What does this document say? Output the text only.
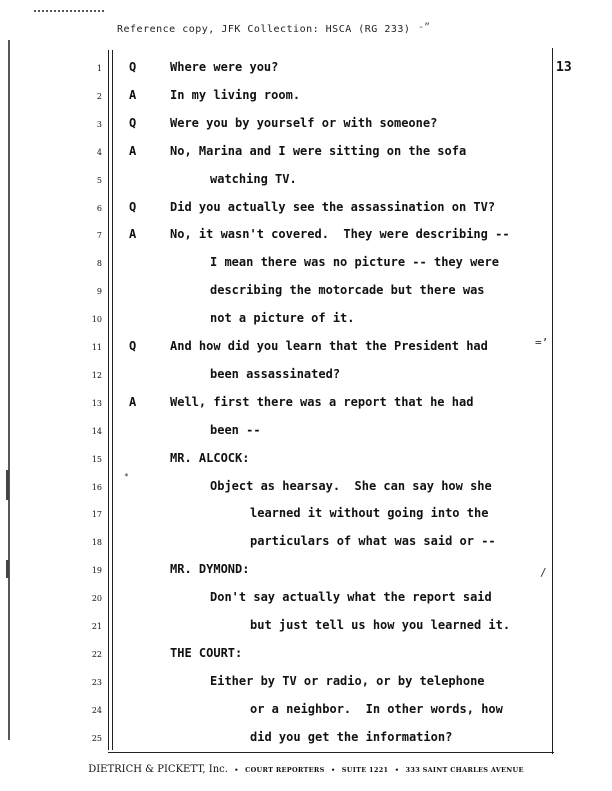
Reference copy, JFK Collection: HSCA (RG 233) -”
13
1 Q	Where were you?
2 A	In my living room.
3 Q	Were you by yourself or with someone?
4 A	No, Marina and I were sitting on the sofa
5	watching TV.
6 Q	Did you actually see the assassination on TV?
7 A	No, it wasn't covered.  They were describing --
8	I mean there was no picture -- they were
9	describing the motorcade but there was
10	not a picture of it.
11 Q	And how did you learn that the President had
12	been assassinated?
13 A	Well, first there was a report that he had
14	been --
15	MR. ALCOCK:
16	Object as hearsay.  She can say how she
17	learned it without going into the
18	particulars of what was said or --
19	MR. DYMOND:
20	Don't say actually what the report said
21	but just tell us how you learned it.
22	THE COURT:
23	Either by TV or radio, or by telephone
24	or a neighbor.  In other words, how
25	did you get the information?
=’
/
*
DIETRICH & PICKETT, Inc. • COURT REPORTERS • SUITE 1221 • 333 SAINT CHARLES AVENUE
